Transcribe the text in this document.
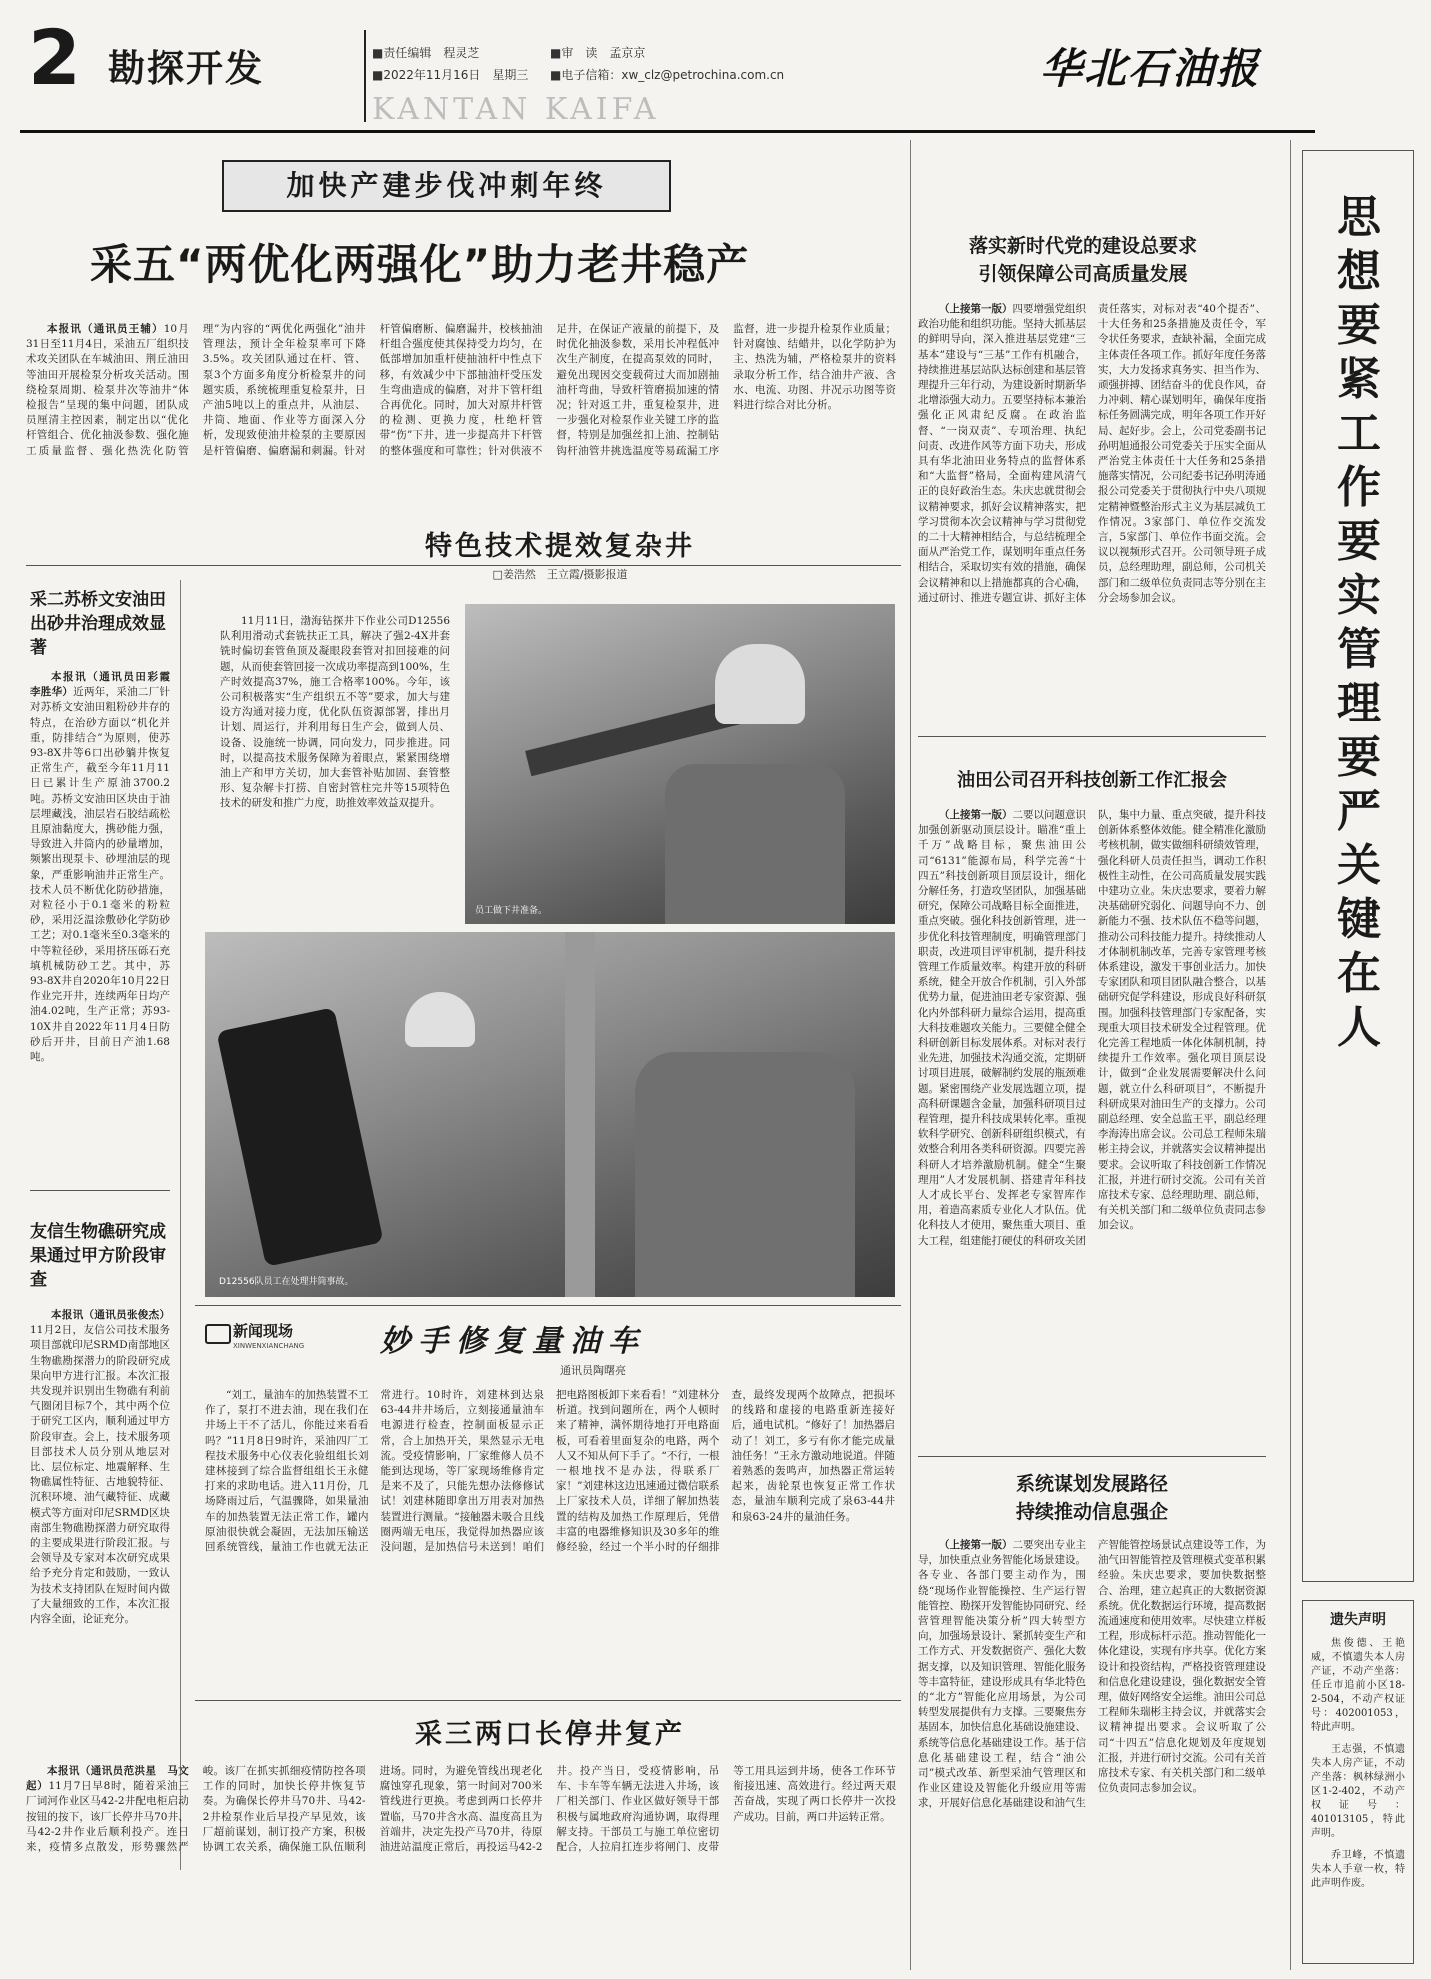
2 勘探开发	■责任编辑　程灵芝	■审　读　孟京京
■2022年11月16日　星期三 ■电子信箱：xw_clz@petrochina.com.cn
KANTAN KAIFA
华北石油报
加快产建步伐冲刺年终
采五“两优化两强化”助力老井稳产

本报讯（通讯员王辅）10月31日至11月4日，采油五厂组织技术攻关团队在车城油田、荆丘油田等油田开展检泵分析攻关活动。围绕检泵周期、检泵井次等油井“体检报告”呈现的集中问题，团队成员厘清主控因素，制定出以“优化杆管组合、优化抽汲参数、强化施工质量监督、强化热洗化防管理”为内容的“两优化两强化”油井管理法，预计全年检泵率可下降3.5%。攻关团队通过在杆、管、泵3个方面多角度分析检泵井的问题实质，系统梳理重复检泵井，日产油5吨以上的重点井，从油层、井筒、地面、作业等方面深入分析，发现致使油井检泵的主要原因是杆管偏磨、偏磨漏和刺漏。针对杆管偏磨断、偏磨漏井，校核抽油杆组合强度使其保持受力均匀，在低部增加加重杆使抽油杆中性点下移，有效减少中下部抽油杆受压发生弯曲造成的偏磨，对井下管杆组合再优化。同时，加大对原井杆管的检测、更换力度，杜绝杆管带“伤”下井，进一步提高井下杆管的整体强度和可靠性；针对供液不足井，在保证产液量的前提下，及时优化抽汲参数，采用长冲程低冲次生产制度，在提高泵效的同时，避免出现因交变载荷过大而加剧抽油杆弯曲，导致杆管磨损加速的情况；针对返工井，重复检泵井，进一步强化对检泵作业关键工序的监督，特别是加强丝扣上油、控制钻钩杆油管井挑选温度等易疏漏工序监督，进一步提升检泵作业质量；针对腐蚀、结蜡井，以化学防护为主、热洗为辅，严格检泵井的资料录取分析工作，结合油井产液、含水、电流、功图、井况示功图等资料进行综合对比分析。

采二苏桥文安油田出砂井治理成效显著

本报讯（通讯员田彩霞　李胜华）近两年，采油二厂针对苏桥文安油田粗粉砂井存的特点，在治砂方面以“机化并重，防排结合”为原则，使苏93-8X井等6口出砂躺井恢复正常生产，截至今年11月11日已累计生产原油3700.2吨。苏桥文安油田区块由于油层埋藏浅，油层岩石胶结疏松且原油黏度大，携砂能力强，导致进入井筒内的砂量增加，频繁出现泵卡、砂埋油层的现象，严重影响油井正常生产。技术人员不断优化防砂措施，对粒径小于0.1毫米的粉粒砂，采用泛温涂敷砂化学防砂工艺；对0.1毫米至0.3毫米的中等粒径砂，采用挤压砾石充填机械防砂工艺。其中，苏93-8X井自2020年10月22日作业完开井，连续两年日均产油4.02吨，生产正常；苏93-10X井自2022年11月4日防砂后开井，目前日产油1.68吨。

友信生物礁研究成果通过甲方阶段审查

本报讯（通讯员张俊杰）11月2日，友信公司技术服务项目部就印尼SRMD南部地区生物礁勘探潜力的阶段研究成果向甲方进行汇报。本次汇报共发现并识别出生物礁有利前气圈闭目标7个，其中两个位于研究工区内，顺利通过甲方阶段审查。会上，技术服务项目部技术人员分别从地层对比、层位标定、地震解释、生物礁属性特征、古地貌特征、沉积环境、油气藏特征、成藏模式等方面对印尼SRMD区块南部生物礁勘探潜力研究取得的主要成果进行阶段汇报。与会领导及专家对本次研究成果给予充分肯定和鼓励，一致认为技术支持团队在短时间内做了大量细致的工作，本次汇报内容全面，论证充分。

特色技术提效复杂井
□姜浩然　王立霞/摄影报道

11月11日，渤海钻探井下作业公司D12556队利用滑动式套铣扶正工具，解决了强2-4X井套铣时偏切套管鱼顶及凝眼段套管对扣回接难的问题，从而使套管回接一次成功率提高到100%，生产时效提高37%，施工合格率100%。今年，该公司积极落实“生产组织五不等”要求，加大与建设方沟通对接力度，优化队伍资源部署，排出月计划、周运行，并利用每日生产会，做到人员、设备、设施统一协调，同向发力，同步推进。同时，以提高技术服务保障为着眼点，紧紧围绕增油上产和甲方关切，加大套管补贴加固、套管整形、复杂解卡打捞、自密封管柱完井等15项特色技术的研发和推广力度，助推效率效益双提升。

员工做下井准备。
D12556队员工在处理井筒事故。
新闻现场
XINWENXIANCHANG	妙手修复量油车
通讯员陶曙亮

“刘工，量油车的加热装置不工作了，泵打不进去油，现在我们在井场上干不了活儿，你能过来看看吗？”11月8日9时许，采油四厂工程技术服务中心仪表化验组组长刘建林接到了综合监督组组长王永健打来的求助电话。进入11月份，几场降雨过后，气温骤降，如果量油车的加热装置无法正常工作，罐内原油很快就会凝固，无法加压输送回系统管线，量油工作也就无法正常进行。10时许，刘建林到达泉63-44井井场后，立刻接通量油车电源进行检查，控制面板显示正常，合上加热开关，果然显示无电流。受疫情影响，厂家维修人员不能到达现场，等厂家现场维修肯定是来不及了，只能先想办法修修试试！刘建林随即拿出万用表对加热装置进行测量。“接触器未吸合且线圈两端无电压，我觉得加热器应该没问题，是加热信号未送到！咱们把电路图板卸下来看看！”刘建林分析道。找到问题所在，两个人顿时来了精神，满怀期待地打开电路面板，可看着里面复杂的电路，两个人又不知从何下手了。“不行，一根一根地找不是办法，得联系厂家！”刘建林这边迅速通过微信联系上厂家技术人员，详细了解加热装置的结构及加热工作原理后，凭借丰富的电器维修知识及30多年的维修经验，经过一个半小时的仔细排查，最终发现两个故障点，把损坏的线路和虚接的电路重新连接好后，通电试机。“修好了！加热器启动了！刘工，多亏有你才能完成量油任务！”王永方激动地说道。伴随着熟悉的轰鸣声，加热器正常运转起来，齿轮泵也恢复正常工作状态，量油车顺利完成了泉63-44井和泉63-24井的量油任务。

采三两口长停井复产

本报讯（通讯员范洪星　马文起）11月7日早8时，随着采油三厂词河作业区马42-2井配电柜启动按钮的按下，该厂长停井马70井、马42-2井作业后顺利投产。连日来，疫情多点散发，形势骤然严峻。该厂在抓实抓细疫情防控各项工作的同时，加快长停井恢复节奏。为确保长停井马70井、马42-2井检泵作业后早投产早见效，该厂超前谋划，制订投产方案，积极协调工农关系，确保施工队伍顺利进场。同时，为避免管线出现老化腐蚀穿孔现象，第一时间对700米管线进行更换。考虑到两口长停井置临，马70井含水高、温度高且为首端井，决定先投产马70井，待原油进站温度正常后，再投运马42-2井。投产当日，受疫情影响，吊车、卡车等车辆无法进入井场，该厂相关部门、作业区做好领导干部积极与属地政府沟通协调，取得理解支持。干部员工与施工单位密切配合，人拉肩扛连步将闸门、皮带等工用具运到井场，使各工作环节衔接迅速、高效进行。经过两天艰苦奋战，实现了两口长停井一次投产成功。目前，两口井运转正常。

落实新时代党的建设总要求
引领保障公司高质量发展

（上接第一版）四要增强党组织政治功能和组织功能。坚持大抓基层的鲜明导向，深入推进基层党建“三基本”建设与“三基”工作有机融合，持续推进基层站队达标创建和基层管理提升三年行动，为建设新时期新华北增添强大动力。五要坚持标本兼治强化正风肃纪反腐。在政治监督、“一岗双责”、专项治理、执纪问责、改进作风等方面下功夫，形成具有华北油田业务特点的监督体系和“大监督”格局，全面构建风清气正的良好政治生态。朱庆忠就贯彻会议精神要求，抓好会议精神落实，把学习贯彻本次会议精神与学习贯彻党的二十大精神相结合，与总结梳理全面从严治党工作，谋划明年重点任务相结合，采取切实有效的措施，确保会议精神和以上措施都真的合心确，通过研讨、推进专题宣讲、抓好主体责任落实，对标对表“40个提否”、十大任务和25条措施及责任令，军令状任务要求，查缺补漏，全面完成主体责任各项工作。抓好年度任务落实，大力发扬求真务实、担当作为、顽强拼搏、团结奋斗的优良作风，奋力冲刺、精心谋划明年，确保年度指标任务圆满完成，明年各项工作开好局、起好步。会上，公司党委副书记孙明旭通报公司党委关于压实全面从严治党主体责任十大任务和25条措施落实情况，公司纪委书记孙明涛通报公司党委关于贯彻执行中央八项规定精神暨整治形式主义为基层减负工作情况。3家部门、单位作交流发言，5家部门、单位作书面交流。会议以视频形式召开。公司领导班子成员，总经理助理，副总师，公司机关部门和二级单位负责同志等分别在主分会场参加会议。

油田公司召开科技创新工作汇报会

（上接第一版）二要以问题意识加强创新驱动顶层设计。瞄准“重上千万”战略目标，聚焦油田公司“6131”能源布局，科学完善“十四五”科技创新项目顶层设计，细化分解任务，打造攻坚团队，加强基础研究，保障公司战略目标全面推进，重点突破。强化科技创新管理，进一步优化科技管理制度，明确管理部门职责，改进项目评审机制，提升科技管理工作质量效率。构建开放的科研系统，健全开放合作机制，引入外部优势力量，促进油田老专家资源、强化内外部科研力量综合运用，提高重大科技难题攻关能力。三要健全健全科研创新目标发展体系。对标对表行业先进，加强技术沟通交流，定期研讨项目进展，破解制约发展的瓶颈难题。紧密围绕产业发展选题立项，提高科研课题含金量，加强科研项目过程管理，提升科技成果转化率。重视软科学研究、创新科研组织模式，有效整合利用各类科研资源。四要完善科研人才培养激励机制。健全“生聚理用”人才发展机制、搭建青年科技人才成长平台、发挥老专家智库作用，着造高素质专业化人才队伍。优化科技人才使用，聚焦重大项目、重大工程，组建能打硬仗的科研攻关团队，集中力量、重点突破，提升科技创新体系整体效能。健全精准化激励考核机制，做实做细科研绩效管理，强化科研人员责任担当，调动工作积极性主动性，在公司高质量发展实践中建功立业。朱庆忠要求，要着力解决基础研究弱化、问题导向不力、创新能力不强、技术队伍不稳等问题，推动公司科技能力提升。持续推动人才体制机制改革，完善专家管理考核体系建设，激发干事创业活力。加快专家团队和项目团队融合整合，以基础研究促学科建设，形成良好科研氛围。加强科技管理部门专家配备，实现重大项目技术研发全过程管理。优化完善工程地质一体化体制机制，持续提升工作效率。强化项目顶层设计，做到“企业发展需要解决什么问题，就立什么科研项目”，不断提升科研成果对油田生产的支撑力。公司副总经理、安全总监王平，副总经理李海涛出席会议。公司总工程师朱瑞彬主持会议，并就落实会议精神提出要求。会议听取了科技创新工作情况汇报，并进行研讨交流。公司有关首席技术专家、总经理助理、副总师，有关机关部门和二级单位负责同志参加会议。

系统谋划发展路径
持续推动信息强企

（上接第一版）二要突出专业主导，加快重点业务智能化场景建设。各专业、各部门要主动作为，围绕“现场作业智能操控、生产运行智能管控、勘探开发智能协同研究、经营管理智能决策分析”四大转型方向，加强场景设计、紧抓转变生产和工作方式、开发数据资产、强化大数据支撑，以及知识管理、智能化服务等丰富特征，建设形成具有华北特色的“北方”智能化应用场景，为公司转型发展提供有力支撑。三要聚焦夯基固本，加快信息化基础设施建设、系统等信息化基础建设工作。基于信息化基础建设工程，结合“油公司”模式改革、新型采油气管理区和作业区建设及智能化升级应用等需求，开展好信息化基础建设和油气生产智能管控场景试点建设等工作，为油气田智能管控及管理模式变革积累经验。朱庆忠要求，要加快数据整合、治理，建立起真正的大数据资源系统。优化数据运行环境，提高数据流通速度和使用效率。尽快建立样板工程，形成标杆示范。推动智能化一体化建设，实现有序共享。优化方案设计和投资结构，严格投资管理建设和信息化建设建设，强化数据安全管理，做好网络安全运维。油田公司总工程师朱瑞彬主持会议，并就落实会议精神提出要求。会议听取了公司“十四五”信息化规划及年度规划汇报，并进行研讨交流。公司有关首席技术专家、有关机关部门和二级单位负责同志参加会议。

思想要紧　工作要实　管理要严　关键在人
遗失声明

焦俊德、王艳威，不慎遗失本人房产证，不动产坐落：任丘市追前小区18-2-504，不动产权证号：402001053，特此声明。

王志强，不慎遗失本人房产证，不动产坐落：枫林绿洲小区1-2-402，不动产权证号：401013105，特此声明。

乔卫峰，不慎遗失本人手章一枚，特此声明作废。
